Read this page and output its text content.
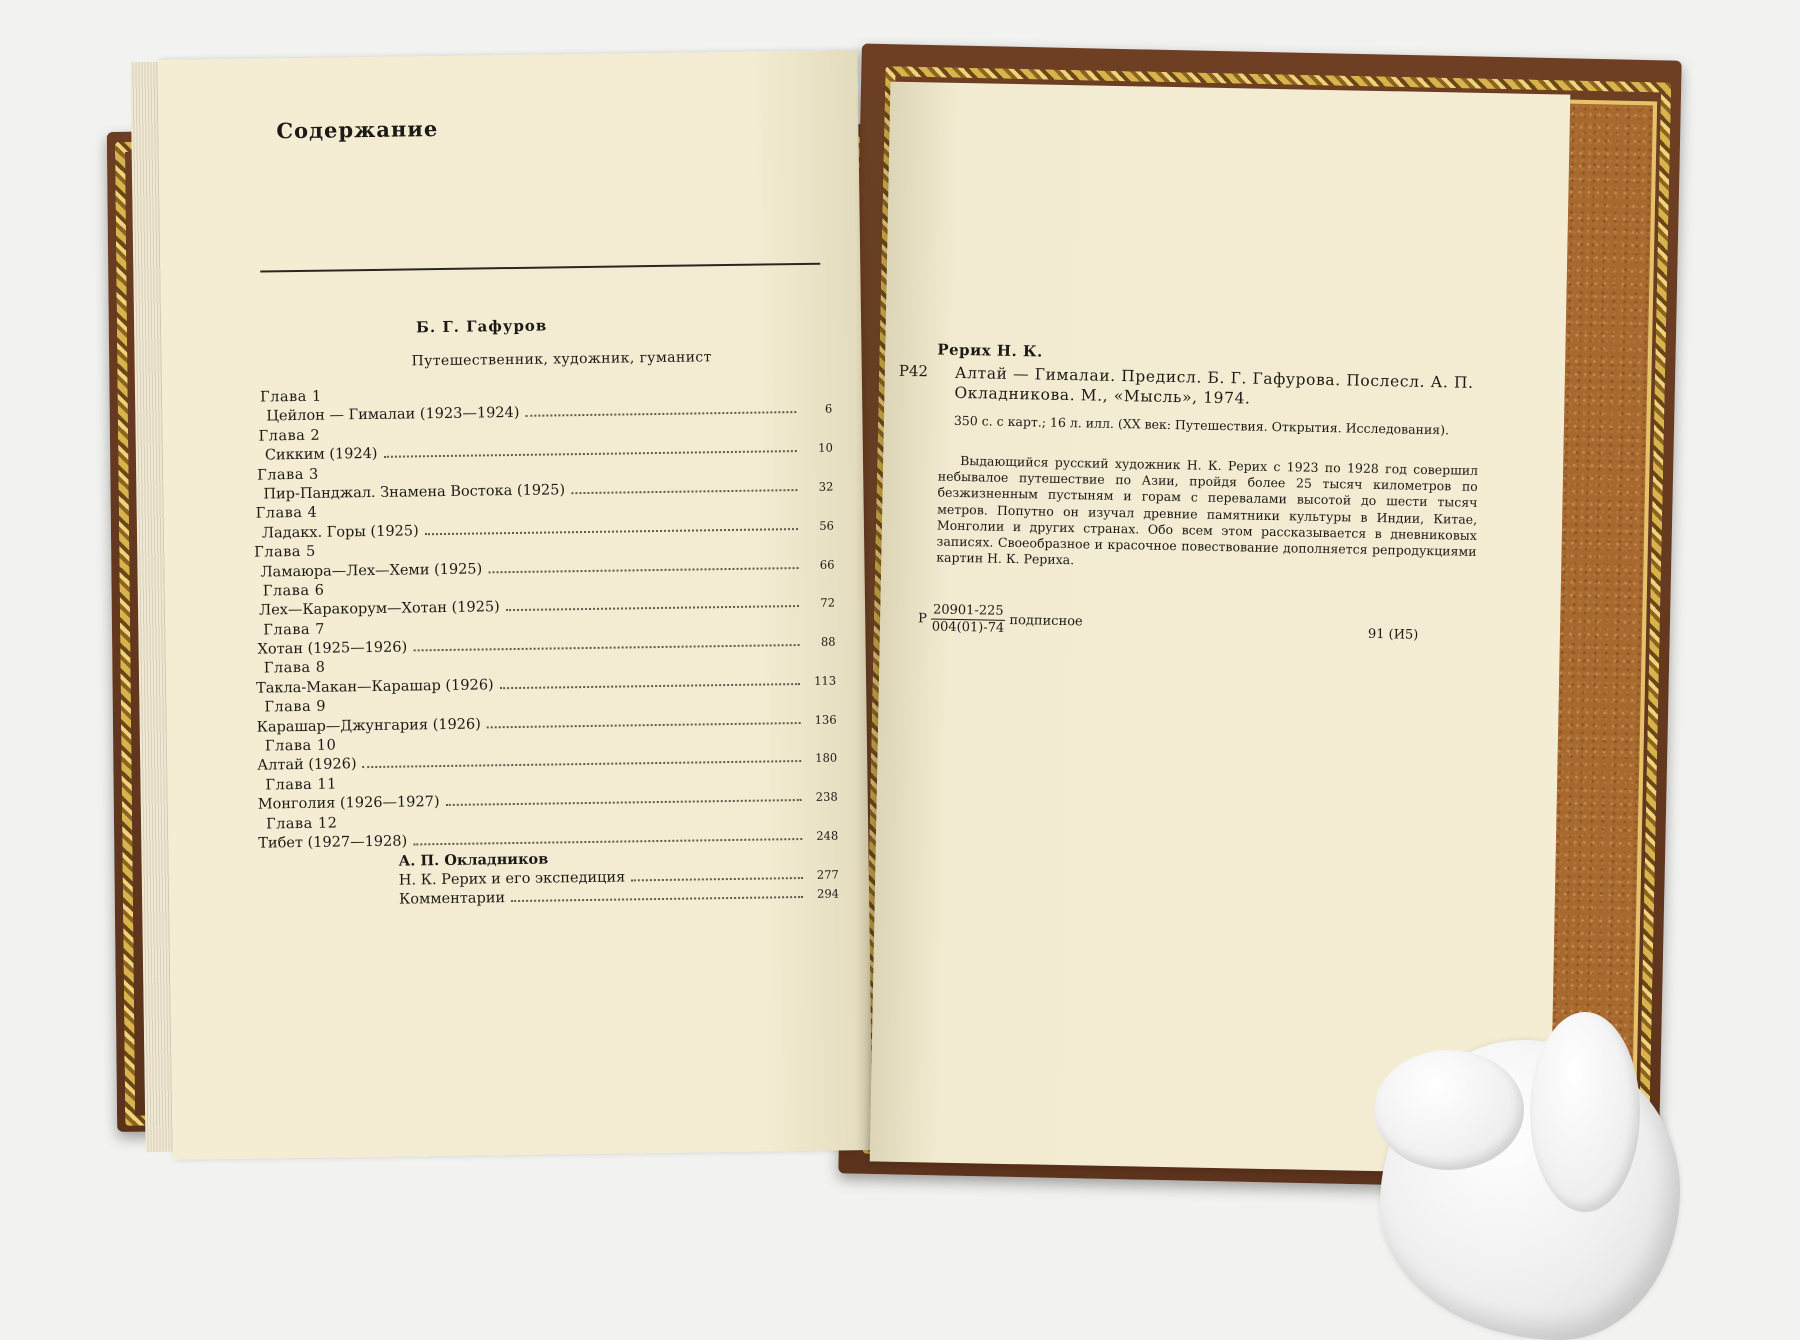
Содержание
Б. Г. Гафуров
Путешественник, художник, гуманист
Глава 1
Цейлон — Гималаи (1923—1924)	6
Глава 2
Сикким (1924)	10
Глава 3
Пир-Панджал. Знамена Востока (1925)	32
Глава 4
Ладакх. Горы (1925)	56
Глава 5
Ламаюра—Лех—Хеми (1925)	66
Глава 6
Лех—Каракорум—Хотан (1925)	72
Глава 7
Хотан (1925—1926)	88
Глава 8
Такла-Макан—Карашар (1926)	113
Глава 9
Карашар—Джунгария (1926)	136
Глава 10
Алтай (1926)	180
Глава 11
Монголия (1926—1927)	238
Глава 12
Тибет (1927—1928)	248
А. П. Окладников
Н. К. Рерих и его экспедиция	277
Комментарии	294
Рерих Н. К.
Р42 Алтай — Гималаи. Предисл. Б. Г. Гафурова. Послесл. А. П. Окладникова. М., «Мысль», 1974.
350 с. с карт.; 16 л. илл. (XX век: Путешествия. Открытия. Исследования).
Выдающийся русский художник Н. К. Рерих с 1923 по 1928 год совершил небывалое путешествие по Азии, пройдя более 25 тысяч километров по безжизненным пустыням и горам с перевалами высотой до шести тысяч метров. Попутно он изучал древние памятники культуры в Индии, Китае, Монголии и других странах. Обо всем этом рассказывается в дневниковых записях. Своеобразное и красочное повествование дополняется репродукциями картин Н. К. Рериха.
Р $\frac{20901-225}{004(01)-74}$ подписное
91 (И5)
